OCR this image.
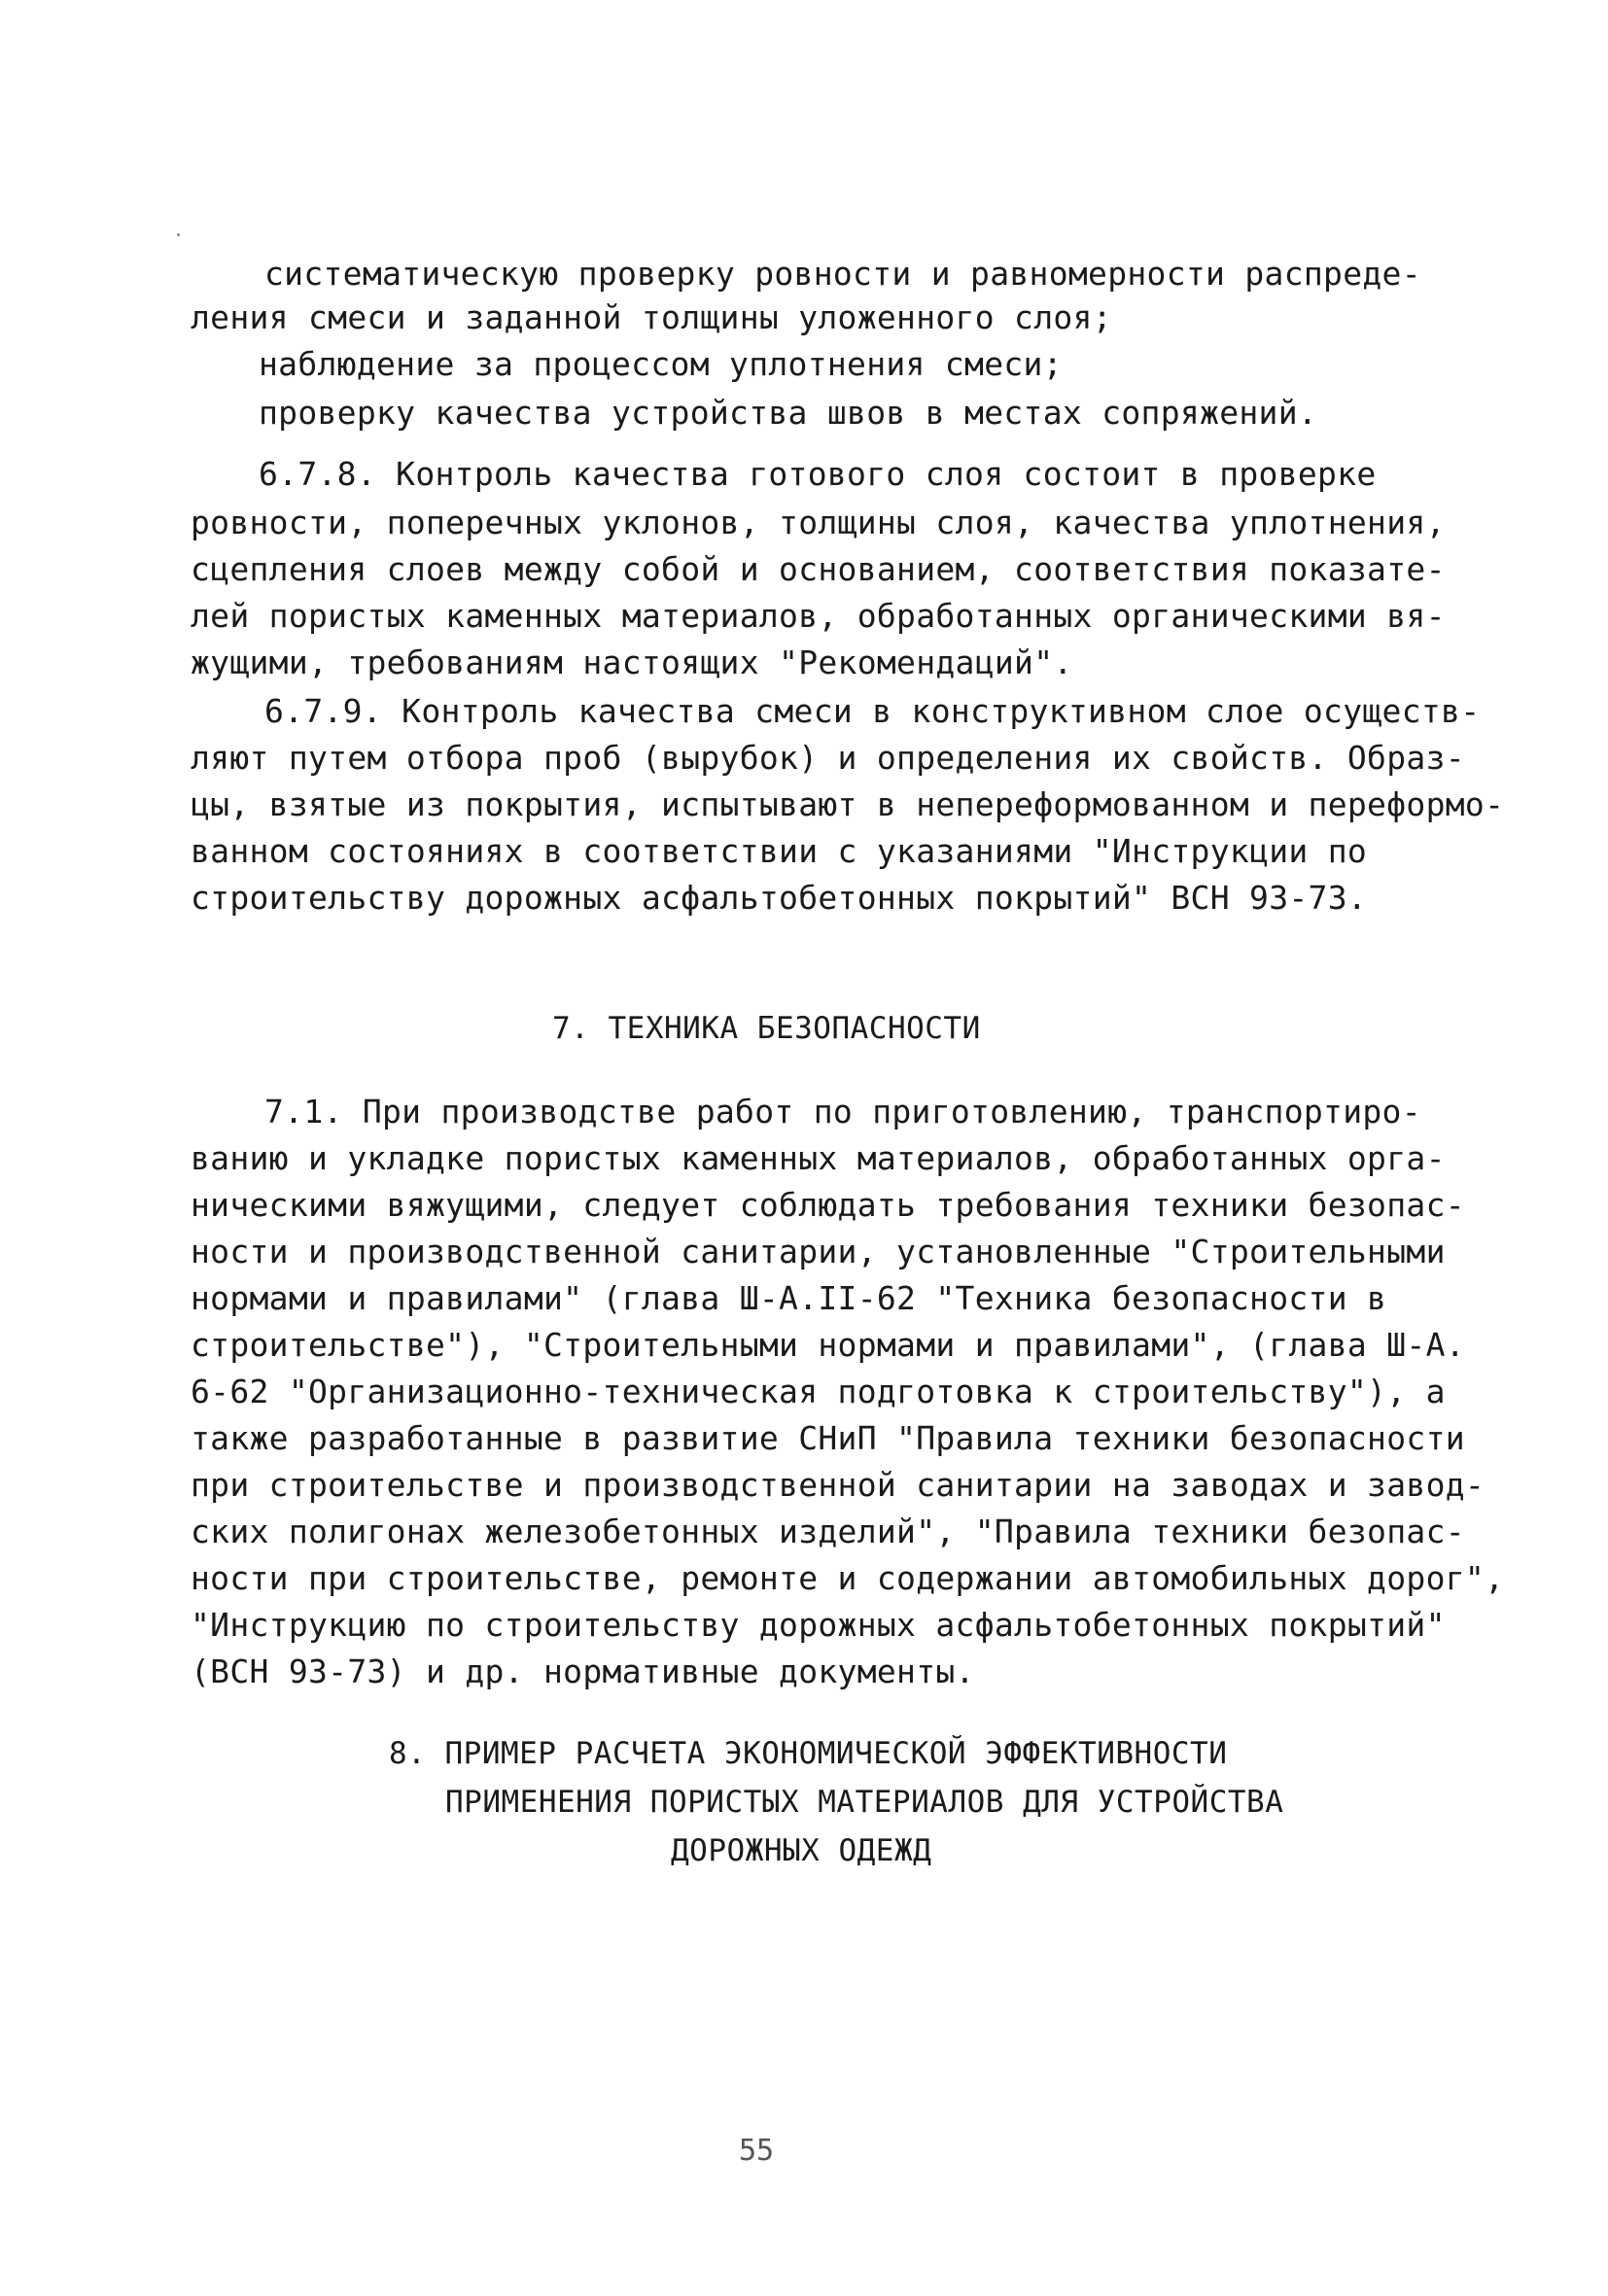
систематическую проверку ровности и равномерности распреде-
ления смеси и заданной толщины уложенного слоя;
наблюдение за процессом уплотнения смеси;
проверку качества устройства швов в местах сопряжений.
6.7.8. Контроль качества готового слоя состоит в проверке
ровности, поперечных уклонов, толщины слоя, качества уплотнения,
сцепления слоев между собой и основанием, соответствия показате-
лей пористых каменных материалов, обработанных органическими вя-
жущими, требованиям настоящих "Рекомендаций".
6.7.9. Контроль качества смеси в конструктивном слое осуществ-
ляют путем отбора проб (вырубок) и определения их свойств. Образ-
цы, взятые из покрытия, испытывают в непереформованном и переформо-
ванном состояниях в соответствии с указаниями "Инструкции по
строительству дорожных асфальтобетонных покрытий" ВСН 93-73.
7. ТЕХНИКА БЕЗОПАСНОСТИ
7.1. При производстве работ по приготовлению, транспортиро-
ванию и укладке пористых каменных материалов, обработанных орга-
ническими вяжущими, следует соблюдать требования техники безопас-
ности и производственной санитарии, установленные "Строительными
нормами и правилами" (глава Ш-А.II-62 "Техника безопасности в
строительстве"), "Строительными нормами и правилами", (глава Ш-А.
6-62 "Организационно-техническая подготовка к строительству"), а
также разработанные в развитие СНиП "Правила техники безопасности
при строительстве и производственной санитарии на заводах и завод-
ских полигонах железобетонных изделий", "Правила техники безопас-
ности при строительстве, ремонте и содержании автомобильных дорог",
"Инструкцию по строительству дорожных асфальтобетонных покрытий"
(ВСН 93-73) и др. нормативные документы.
8. ПРИМЕР РАСЧЕТА ЭКОНОМИЧЕСКОЙ ЭФФЕКТИВНОСТИ
ПРИМЕНЕНИЯ ПОРИСТЫХ МАТЕРИАЛОВ ДЛЯ УСТРОЙСТВА
ДОРОЖНЫХ ОДЕЖД
55
